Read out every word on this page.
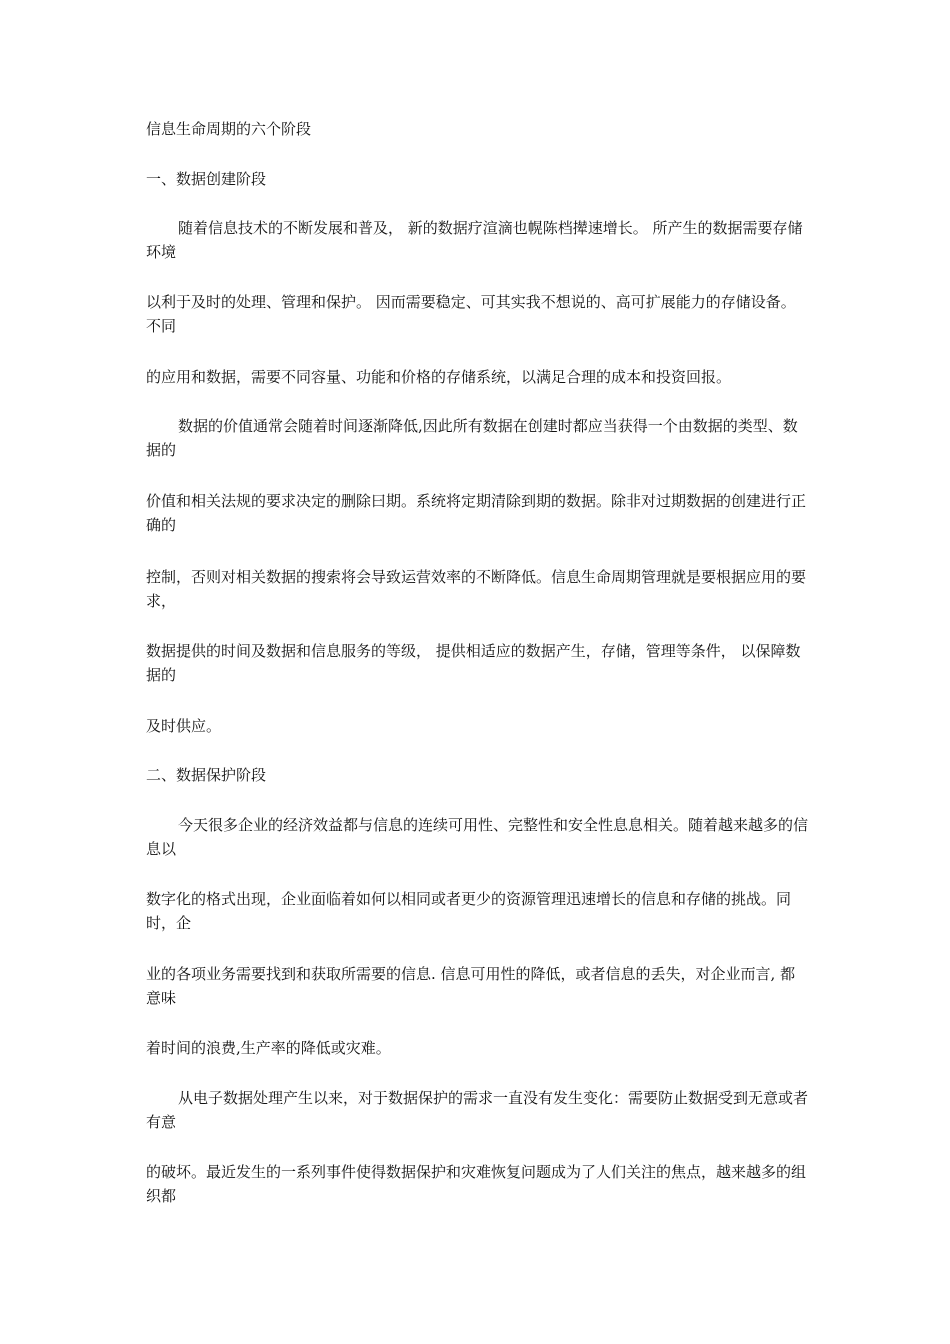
信息生命周期的六个阶段
一、数据创建阶段
随着信息技术的不断发展和普及， 新的数据疗渲滴也幌陈档撵速增长。 所产生的数据需要存储环境
以利于及时的处理、管理和保护。 因而需要稳定、可其实我不想说的、高可扩展能力的存储设备。 不同
的应用和数据，需要不同容量、功能和价格的存储系统，以满足合理的成本和投资回报。
数据的价值通常会随着时间逐渐降低,因此所有数据在创建时都应当获得一个由数据的类型、数据的
价值和相关法规的要求决定的删除曰期。系统将定期清除到期的数据。除非对过期数据的创建进行正确的
控制，否则对相关数据的搜索将会导致运营效率的不断降低。信息生命周期管理就是要根据应用的要求，
数据提供的时间及数据和信息服务的等级， 提供相适应的数据产生，存储，管理等条件， 以保障数据的
及时供应。
二、数据保护阶段
今天很多企业的经济效益都与信息的连续可用性、完整性和安全性息息相关。随着越来越多的信息以
数字化的格式出现，企业面临着如何以相同或者更少的资源管理迅速增长的信息和存储的挑战。同时，企
业的各项业务需要找到和获取所需要的信息. 信息可用性的降低，或者信息的丢失，对企业而言, 都意味
着时间的浪费,生产率的降低或灾难。
从电子数据处理产生以来，对于数据保护的需求一直没有发生变化：需要防止数据受到无意或者有意
的破坏。最近发生的一系列事件使得数据保护和灾难恢复问题成为了人们关注的焦点，越来越多的组织都
